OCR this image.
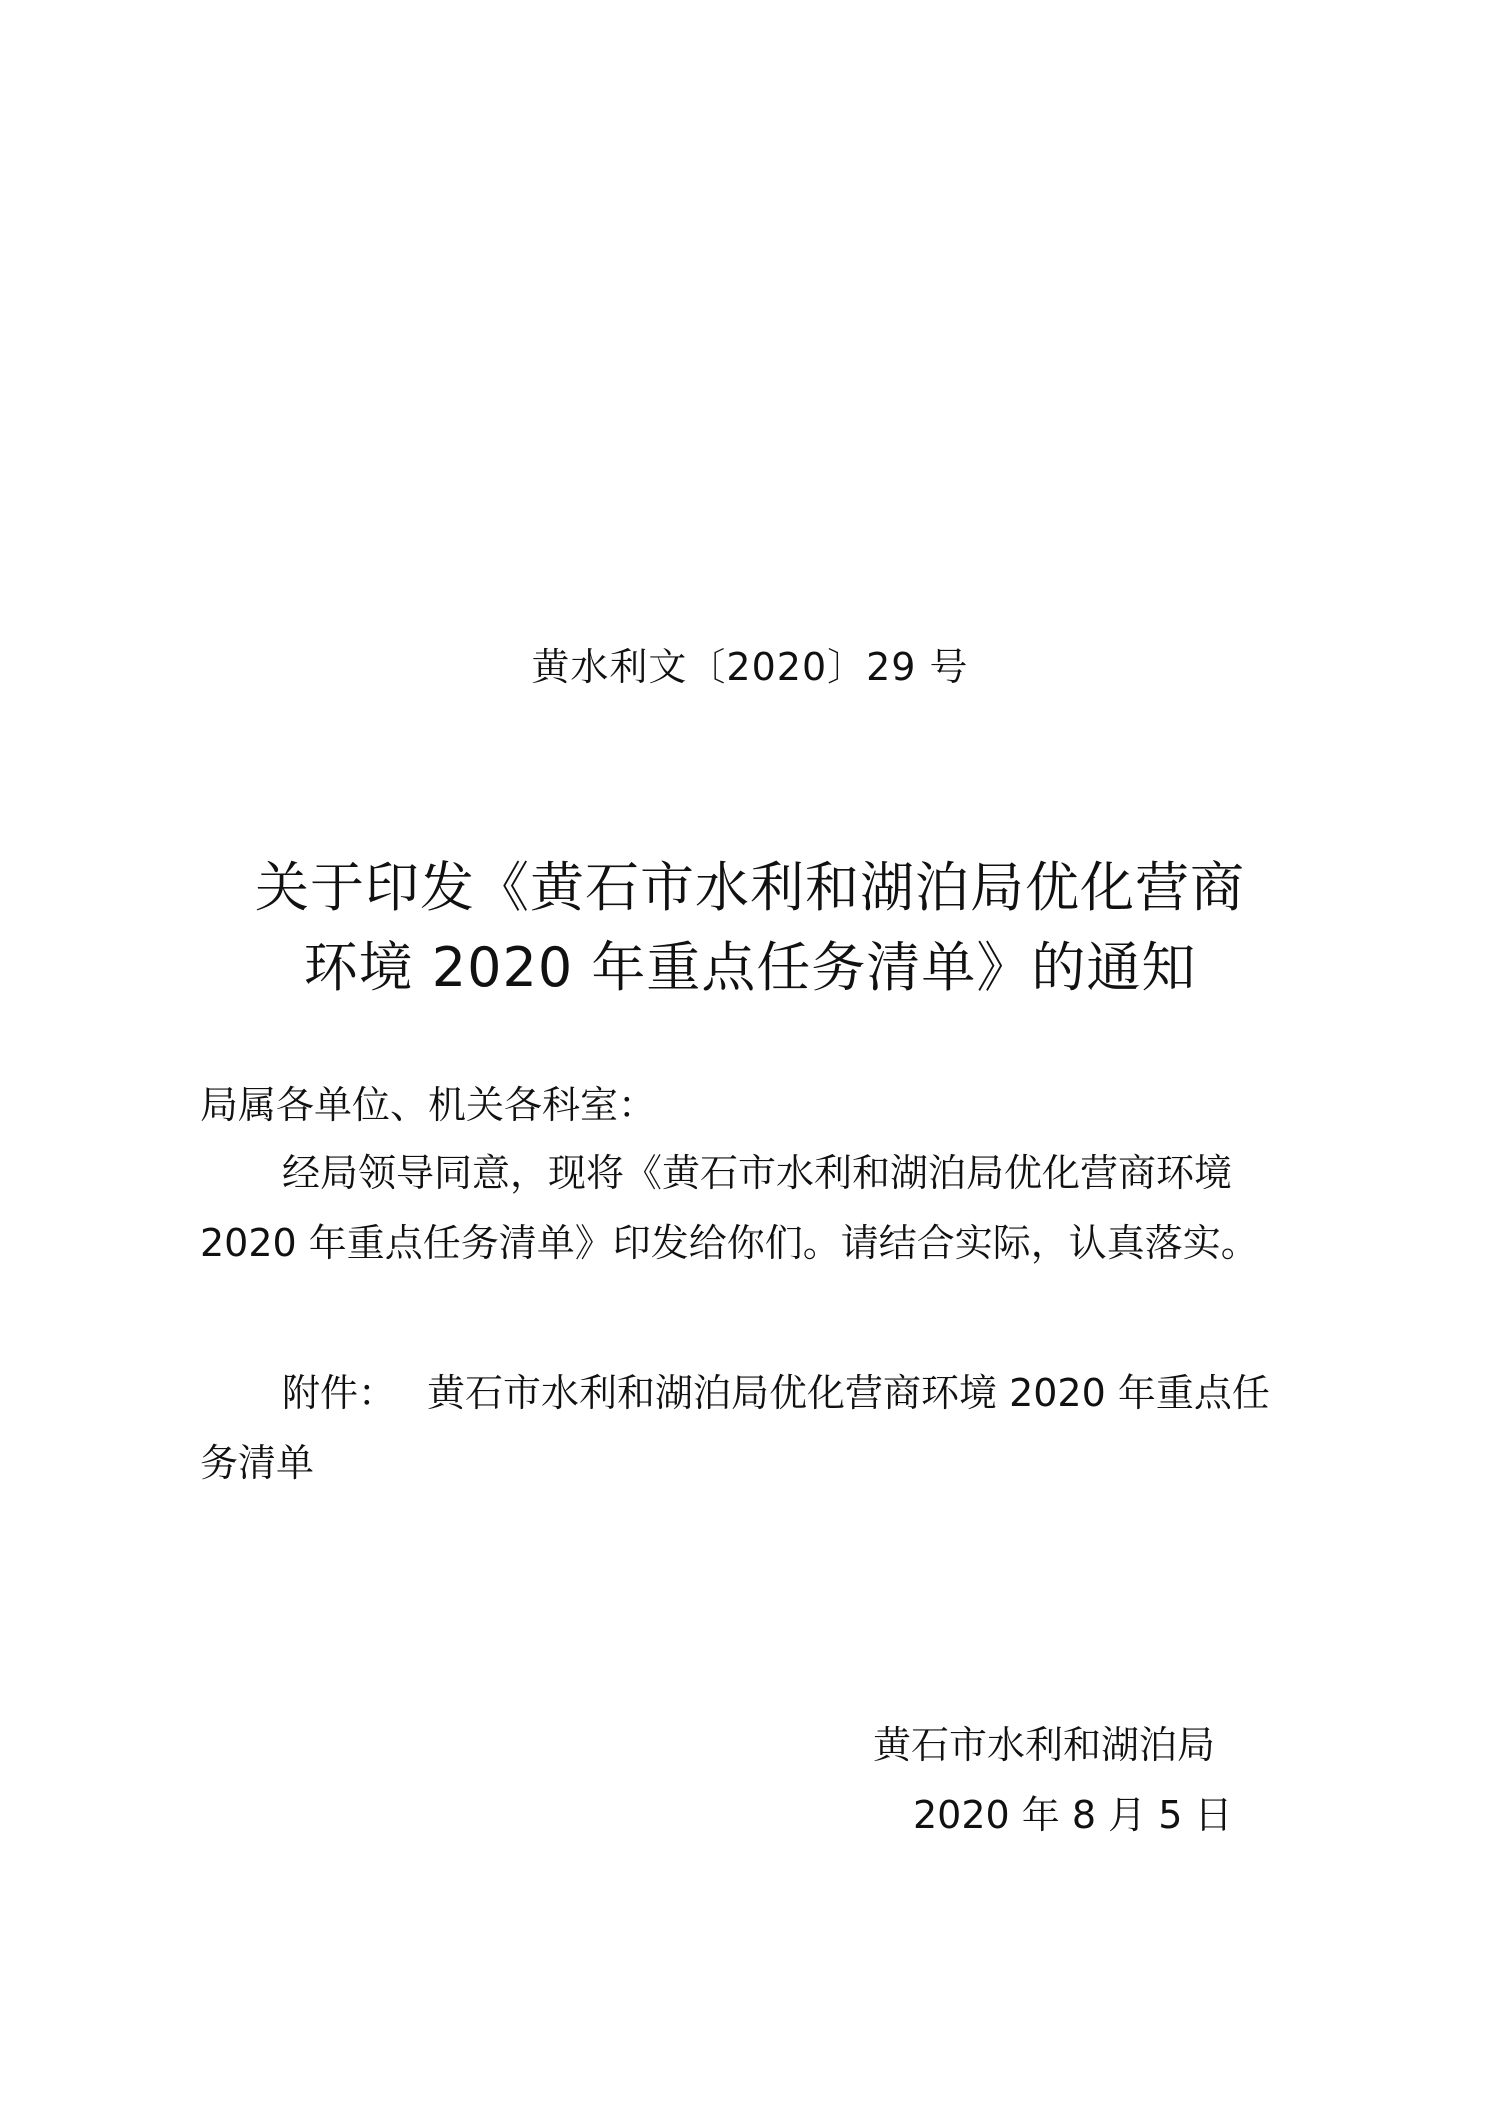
黄水利文〔2020〕29 号
关于印发《黄石市水利和湖泊局优化营商
环境 2020 年重点任务清单》的通知
局属各单位、机关各科室：
经局领导同意，现将《黄石市水利和湖泊局优化营商环境
2020 年重点任务清单》印发给你们。请结合实际，认真落实。
附件： 黄石市水利和湖泊局优化营商环境 2020 年重点任
务清单
黄石市水利和湖泊局
2020 年 8 月 5 日
